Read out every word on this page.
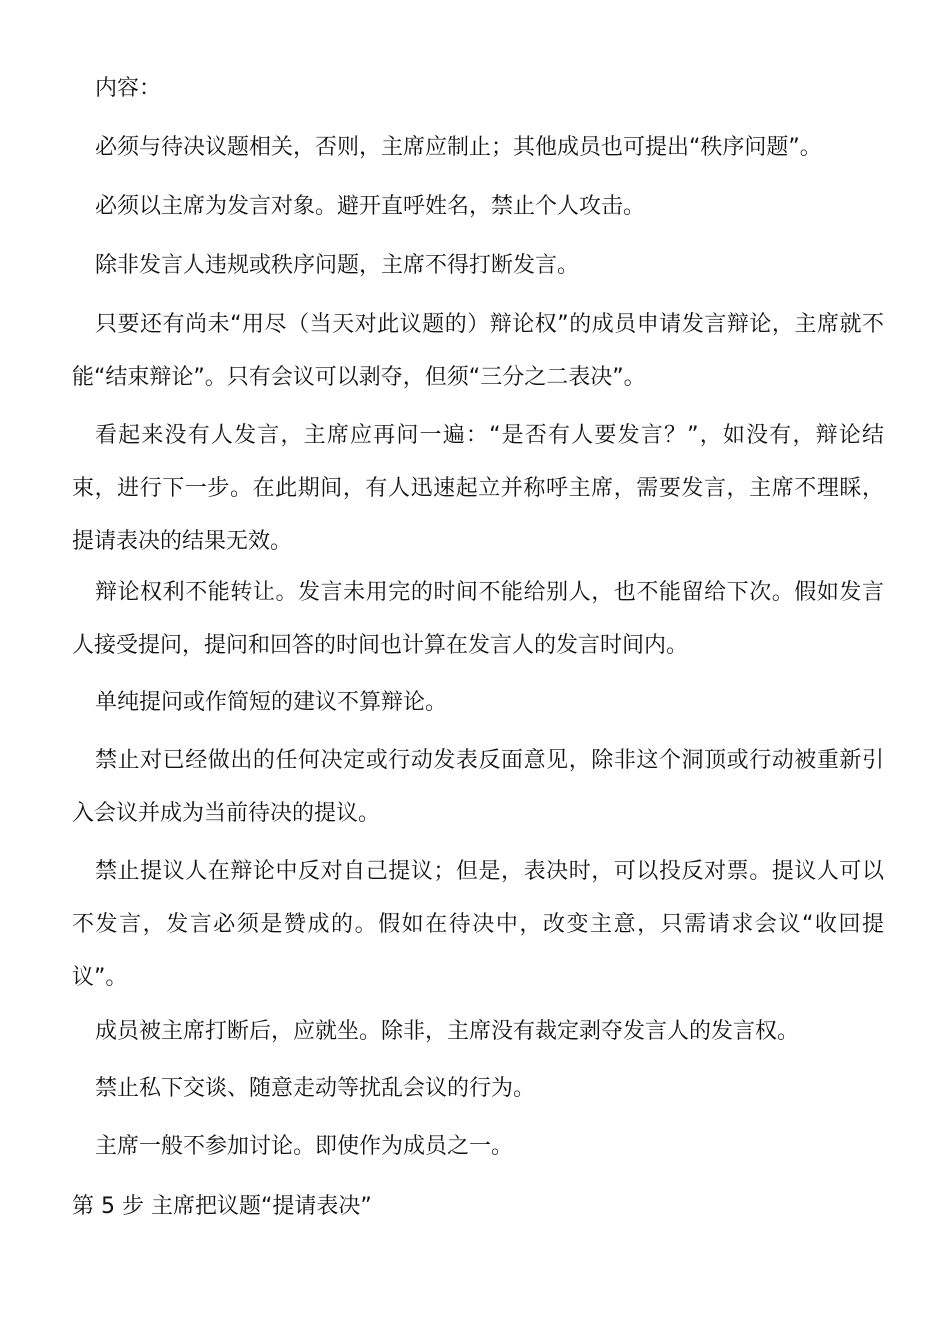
内容：

必须与待决议题相关，否则，主席应制止；其他成员也可提出“秩序问题”。

必须以主席为发言对象。避开直呼姓名，禁止个人攻击。

除非发言人违规或秩序问题，主席不得打断发言。

只要还有尚未“用尽（当天对此议题的）辩论权”的成员申请发言辩论，主席就不能“结束辩论”。只有会议可以剥夺，但须“三分之二表决”。

看起来没有人发言，主席应再问一遍：“是否有人要发言？”，如没有，辩论结束，进行下一步。在此期间，有人迅速起立并称呼主席，需要发言，主席不理睬，提请表决的结果无效。

辩论权利不能转让。发言未用完的时间不能给别人，也不能留给下次。假如发言人接受提问，提问和回答的时间也计算在发言人的发言时间内。

单纯提问或作简短的建议不算辩论。

禁止对已经做出的任何决定或行动发表反面意见，除非这个洞顶或行动被重新引入会议并成为当前待决的提议。

禁止提议人在辩论中反对自己提议；但是，表决时，可以投反对票。提议人可以不发言，发言必须是赞成的。假如在待决中，改变主意，只需请求会议“收回提议”。

成员被主席打断后，应就坐。除非，主席没有裁定剥夺发言人的发言权。

禁止私下交谈、随意走动等扰乱会议的行为。

主席一般不参加讨论。即使作为成员之一。

第 5 步 主席把议题“提请表决”
